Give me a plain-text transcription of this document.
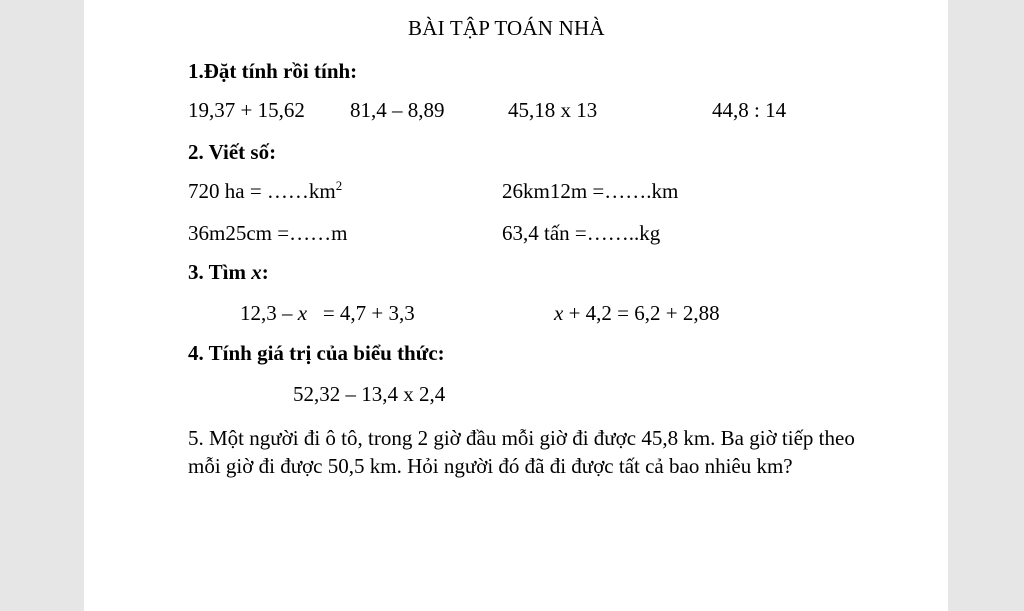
BÀI TẬP TOÁN NHÀ
1.Đặt tính rồi tính:
19,37 + 15,62 81,4 – 8,89	45,18 x 13	44,8 : 14
2. Viết số:
720 ha = $\dots\dots km^2$	26km12m =…….km
36m25cm =……m	63,4 tấn =……..kg
3. Tìm x:
12,3 – x   = 4,7 + 3,3	x + 4,2 = 6,2 + 2,88
4. Tính giá trị của biểu thức:
52,32 – 13,4 x 2,4
5. Một người đi ô tô, trong 2 giờ đầu mỗi giờ đi được 45,8 km. Ba giờ tiếp theo mỗi giờ đi được 50,5 km. Hỏi người đó đã đi được tất cả bao nhiêu km?
